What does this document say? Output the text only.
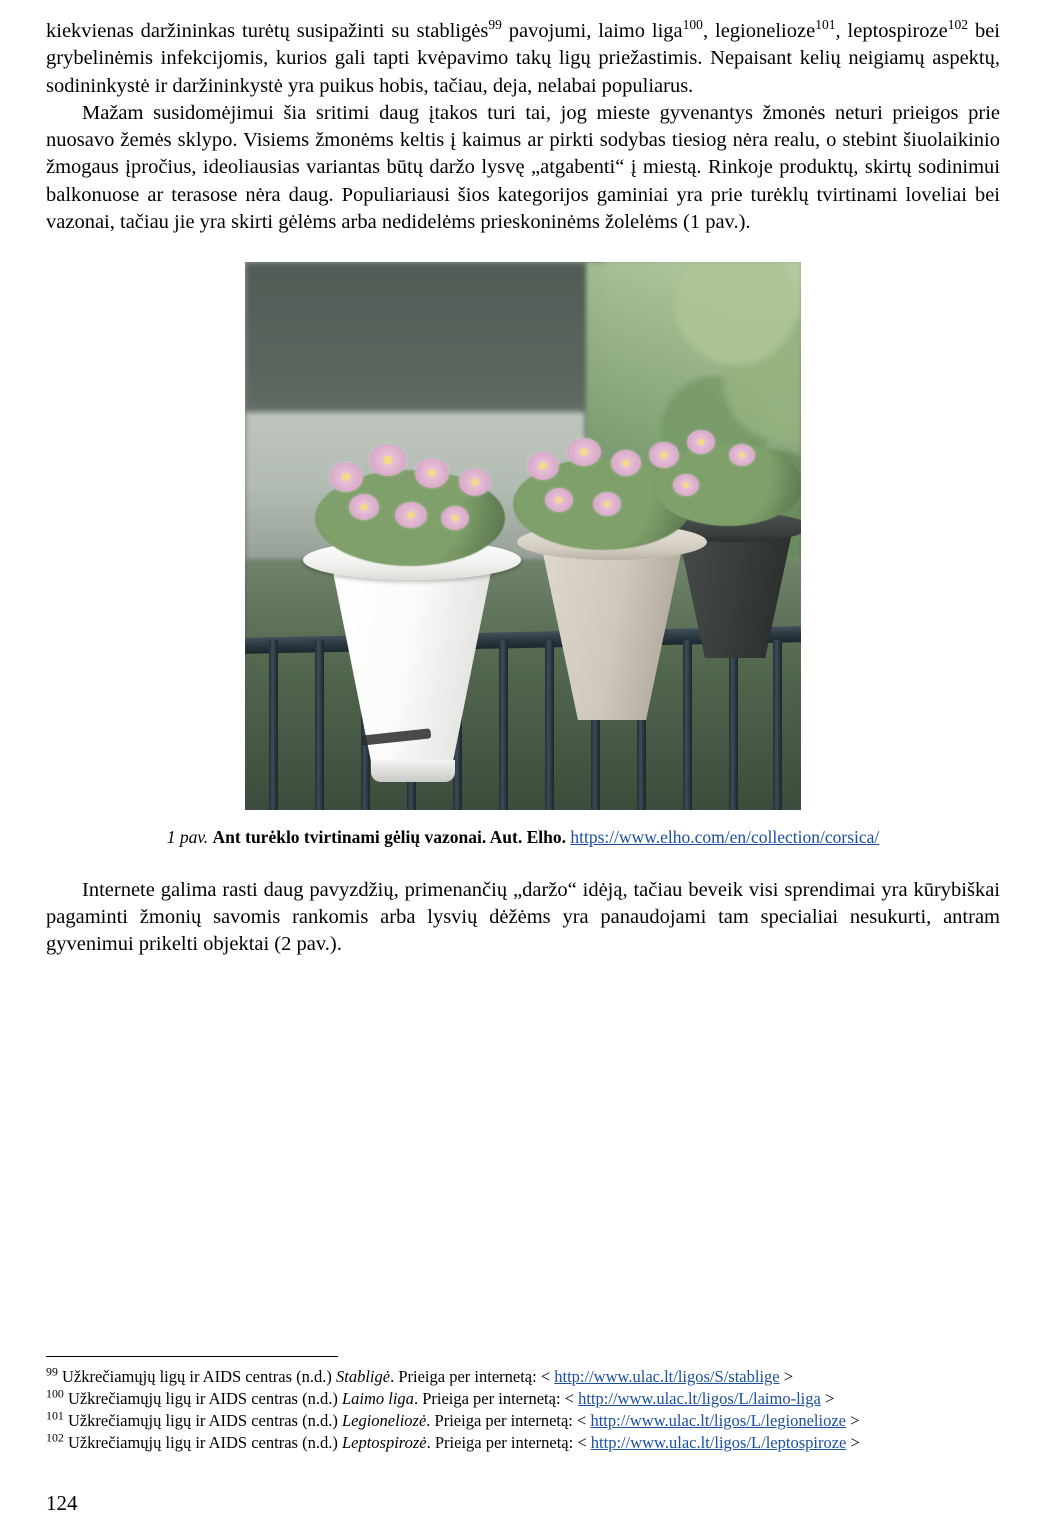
kiekvienas daržininkas turėtų susipažinti su stabligės$^{99}$ pavojumi, laimo liga$^{100}$, legionelioze$^{101}$, leptospiroze$^{102}$ bei grybelinėmis infekcijomis, kurios gali tapti kvėpavimo takų ligų priežastimis. Nepaisant kelių neigiamų aspektų, sodininkystė ir daržininkystė yra puikus hobis, tačiau, deja, nelabai populiarus.

Mažam susidomėjimui šia sritimi daug įtakos turi tai, jog mieste gyvenantys žmonės neturi prieigos prie nuosavo žemės sklypo. Visiems žmonėms keltis į kaimus ar pirkti sodybas tiesiog nėra realu, o stebint šiuolaikinio žmogaus įpročius, ideoliausias variantas būtų daržo lysvę „atgabenti“ į miestą. Rinkoje produktų, skirtų sodinimui balkonuose ar terasose nėra daug. Populiariausi šios kategorijos gaminiai yra prie turėklų tvirtinami loveliai bei vazonai, tačiau jie yra skirti gėlėms arba nedidelėms prieskoninėms žolelėms (1 pav.).

1 pav. Ant turėklo tvirtinami gėlių vazonai. Aut. Elho. https://www.elho.com/en/collection/corsica/

Internete galima rasti daug pavyzdžių, primenančių „daržo“ idėją, tačiau beveik visi sprendimai yra kūrybiškai pagaminti žmonių savomis rankomis arba lysvių dėžėms yra panaudojami tam specialiai nesukurti, antram gyvenimui prikelti objektai (2 pav.).

$^{99}$ Užkrečiamųjų ligų ir AIDS centras (n.d.) Stabligė. Prieiga per internetą: < http://www.ulac.lt/ligos/S/stablige >
$^{100}$ Užkrečiamųjų ligų ir AIDS centras (n.d.) Laimo liga. Prieiga per internetą: < http://www.ulac.lt/ligos/L/laimo-liga >
$^{101}$ Užkrečiamųjų ligų ir AIDS centras (n.d.) Legioneliozė. Prieiga per internetą: < http://www.ulac.lt/ligos/L/legionelioze >
$^{102}$ Užkrečiamųjų ligų ir AIDS centras (n.d.) Leptospirozė. Prieiga per internetą: < http://www.ulac.lt/ligos/L/leptospiroze >
124
